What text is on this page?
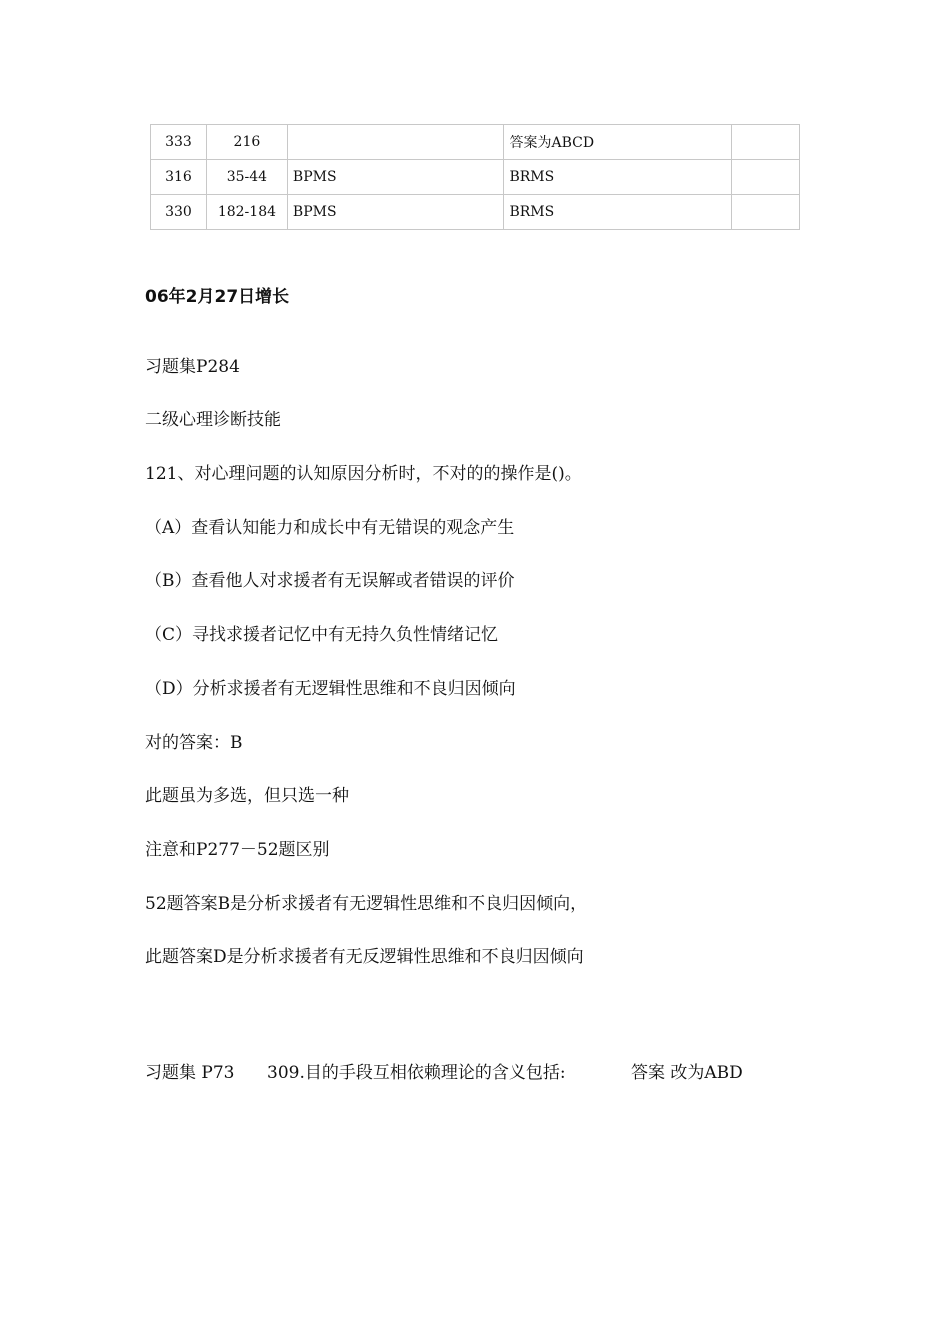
333	216		答案为ABCD	
316	35-44	BPMS	BRMS	
330	182-184	BPMS	BRMS	
06年2月27日增长
习题集P284
二级心理诊断技能
121、对心理问题的认知原因分析时，不对的的操作是()。
（A）查看认知能力和成长中有无错误的观念产生
（B）查看他人对求援者有无误解或者错误的评价
（C）寻找求援者记忆中有无持久负性情绪记忆
（D）分析求援者有无逻辑性思维和不良归因倾向
对的答案：B
此题虽为多选，但只选一种
注意和P277－52题区别
52题答案B是分析求援者有无逻辑性思维和不良归因倾向，
此题答案D是分析求援者有无反逻辑性思维和不良归因倾向
习题集 P73 309.目的手段互相依赖理论的含义包括:	答案 改为ABD
